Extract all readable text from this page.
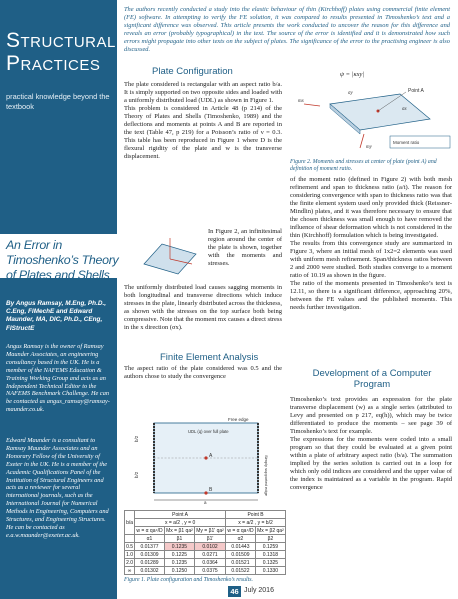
STRUCTURAL
PRACTICES
practical knowledge beyond the textbook
By Angus Ramsay, M.Eng, Ph.D., C.Eng, FIMechE and Edward Maunder, MA, DIC, Ph.D., CEng, FIStructE
Angus Ramsay is the owner of Ramsay Maunder Associates, an engineering consultancy based in the UK. He is a member of the NAFEMS Education & Training Working Group and acts as an Independent Technical Editor to the NAFEMS Benchmark Challenge. He can be contacted as angus_ramsay@ramsay-maunder.co.uk.
Edward Maunder is a consultant to Ramsay Maunder Associates and an Honorary Fellow of the University of Exeter in the UK. He is a member of the Academic Qualifications Panel of the Institution of Structural Engineers and acts as a reviewer for several international journals, such as the International Journal for Numerical Methods in Engineering, Computers and Structures, and Engineering Structures. He can be contacted as e.a.w.maunder@exeter.ac.uk.
An Error in Timoshenko’s Theory of Plates and Shells
The authors recently conducted a study into the elastic behaviour of thin (Kirchhoff) plates using commercial finite element (FE) software. In attempting to verify the FE solution, it was compared to results presented in Timoshenko’s text and a significant difference was observed. This article presents the work conducted to uncover the reason for this difference and reveals an error (probably typographical) in the text. The source of the error is identified and it is demonstrated how such errors might propagate into other texts on the subject of plates. The significance of the error to the practising engineer is also discussed.
Plate Configuration
The plate considered is rectangular with an aspect ratio b/a. It is simply supported on two opposite sides and loaded with a uniformly distributed load (UDL) as shown in Figure 1.
This problem is considered in Article 48 (p 214) of the Theory of Plates and Shells (Timoshenko, 1989) and the deflections and moments at points A and B are reported in the text (Table 47, p 219) for a Poisson’s ratio of ν = 0.3. This table has been reproduced in Figure 1 where D is the flexural rigidity of the plate and w is the transverse displacement.
In Figure 2, an infinitesimal region around the center of the plate is shown, together with the moments and stresses.
The uniformly distributed load causes sagging moments in both longitudinal and transverse directions which induce stresses in the plate, linearly distributed across the thickness, as shown with the stresses on the top surface both being compressive. Note that the moment mx causes a direct stress in the x direction (σx).
Finite Element Analysis
The aspect ratio of the plate considered was 0.5 and the authors chose to study the convergence
Free edge
UDL (q) over full plate
Simply supported edge
A
B
b/2
b/2
a
b/a	Point A			Point B	
	x = a/2 , y = 0			x = a/2 , y = b/2	
	w = α qa⁴/D	Mx = β1 qa²	My = β1' qa²	w = α qa⁴/D	Mx = β2 qa²
	α1	β1	β1'	α2	β2
0.5	0.01377	0.1235	0.0102	0.01443	0.1259
1.0	0.01309	0.1225	0.0271	0.01509	0.1318
2.0	0.01289	0.1235	0.0364	0.01521	0.1325
∞	0.01302	0.1250	0.0375	0.01522	0.1330
Figure 1. Plate configuration and Timoshenko’s results.
ψ = |κxy|
Point A
mx
my
σx
σy
Moment ratio
Figure 2. Moments and stresses at center of plate (point A) and definition of moment ratio.
of the moment ratio (defined in Figure 2) with both mesh refinement and span to thickness ratio (a/t). The reason for considering convergence with span to thickness ratio was that the finite element system used only provided thick (Reissner-Mindlin) plates, and it was therefore necessary to ensure that the chosen thickness was small enough to have removed the influence of shear deformation which is not considered in the thin (Kirchhoff) formulation which is being investigated.
The results from this convergence study are summarized in Figure 3, where an initial mesh of 1x2=2 elements was used with uniform mesh refinement. Span/thickness ratios between 2 and 2000 were studied. Both studies converge to a moment ratio of 10.19 as shown in the figure.
The ratio of the moments presented in Timoshenko’s text is 12.11, so there is a significant difference, approaching 20%, between the FE values and the published moments. This needs further investigation.
Development of a Computer Program
Timoshenko’s text provides an expression for the plate transverse displacement (w) as a single series (attributed to Levy and presented on p 217, eq(h)), which may be twice differentiated to produce the moments – see page 39 of Timoshenko’s text for example.
The expressions for the moments were coded into a small program so that they could be evaluated at a given point within a plate of arbitrary aspect ratio (b/a). The summation implied by the series solution is carried out in a loop for which only odd indices are considered and the upper value of the index is maintained as a variable in the program. Rapid convergence
46 July 2016
